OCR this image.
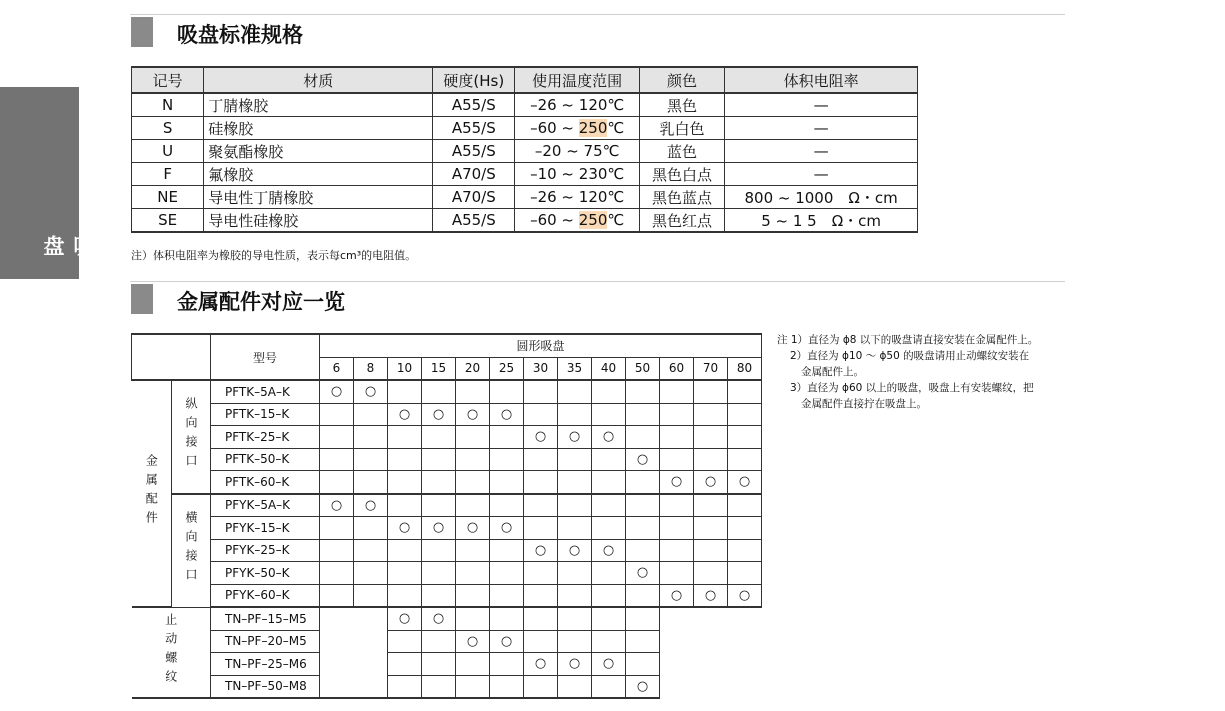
吸盘
吸盘标准规格
记号	材质	硬度(Hs)	使用温度范围	颜色	体积电阻率
N	丁腈橡胶	A55/S	–26 ~ 120℃	黑色	—
S	硅橡胶	A55/S	–60 ~ 250℃	乳白色	—
U	聚氨酯橡胶	A55/S	–20 ~ 75℃	蓝色	—
F	氟橡胶	A70/S	–10 ~ 230℃	黑色白点	—
NE	导电性丁腈橡胶	A70/S	–26 ~ 120℃	黑色蓝点	800 ~ 1000　Ω・cm
SE	导电性硅橡胶	A55/S	–60 ~ 250℃	黑色红点	5 ~ 1 5　Ω・cm
注）体积电阻率为橡胶的导电性质，表示每cm³的电阻值。
金属配件对应一览
		型号	圆形吸盘												
			6	8	10	15	20	25	30	35	40	50	60	70	80
金属配件	纵向接口	PFTK–5A–K	○	○											
		PFTK–15–K			○	○	○	○							
		PFTK–25–K							○	○	○				
		PFTK–50–K										○			
		PFTK–60–K											○	○	○
	横向接口	PFYK–5A–K	○	○											
		PFYK–15–K			○	○	○	○							
		PFYK–25–K							○	○	○				
		PFYK–50–K										○			
		PFYK–60–K											○	○	○
止动螺纹		TN–PF–15–M5			○	○									
		TN–PF–20–M5					○	○							
		TN–PF–25–M6							○	○	○				
		TN–PF–50–M8										○			
注 1）直径为 ϕ8 以下的吸盘请直接安装在金属配件上。
2）直径为 ϕ10 ～ ϕ50 的吸盘请用止动螺纹安装在
金属配件上。
3）直径为 ϕ60 以上的吸盘，吸盘上有安装螺纹，把
金属配件直接拧在吸盘上。
